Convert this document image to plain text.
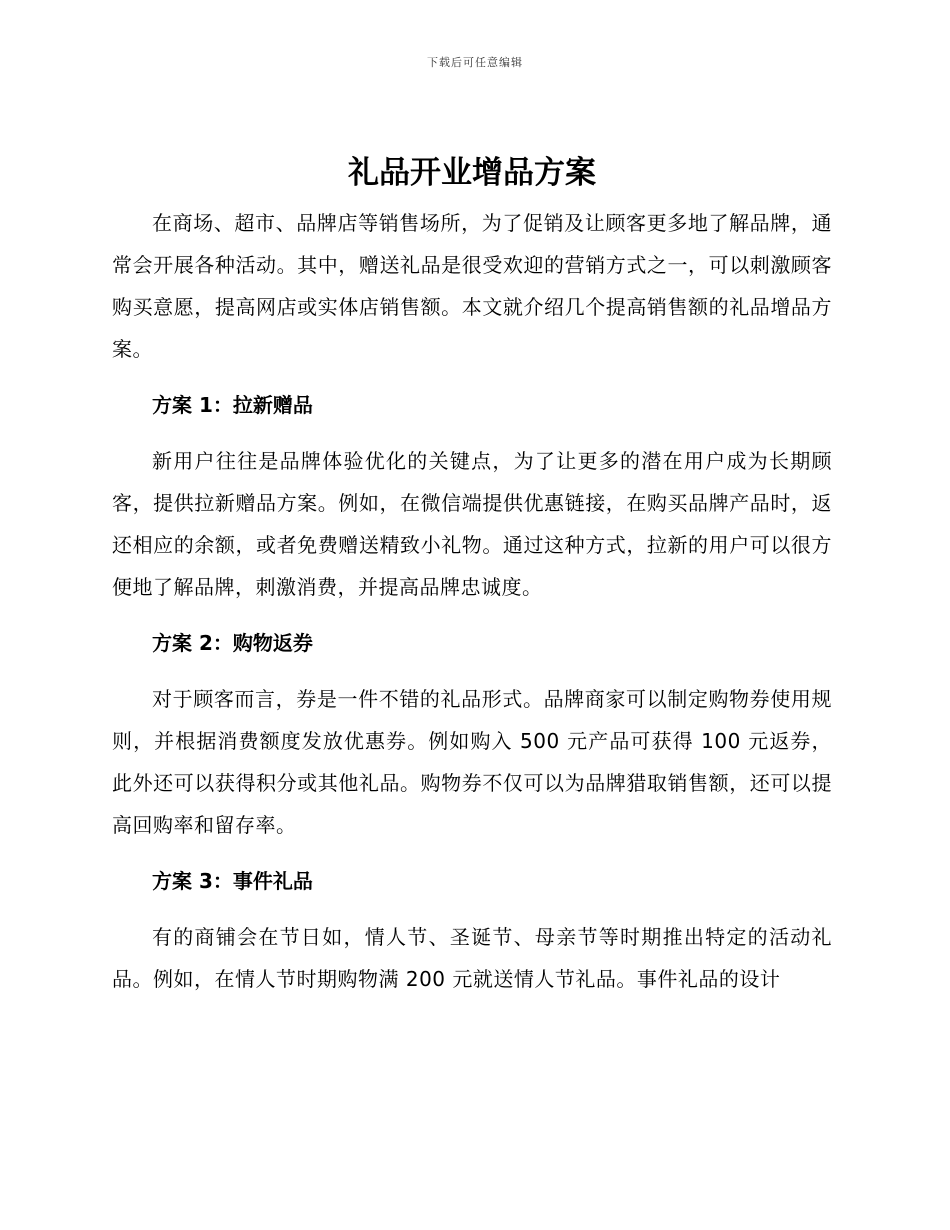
下载后可任意编辑
礼品开业增品方案

在商场、超市、品牌店等销售场所，为了促销及让顾客更多地了解品牌，通常会开展各种活动。其中，赠送礼品是很受欢迎的营销方式之一，可以刺激顾客购买意愿，提高网店或实体店销售额。本文就介绍几个提高销售额的礼品增品方案。

方案 1：拉新赠品

新用户往往是品牌体验优化的关键点，为了让更多的潜在用户成为长期顾客，提供拉新赠品方案。例如，在微信端提供优惠链接，在购买品牌产品时，返还相应的余额，或者免费赠送精致小礼物。通过这种方式，拉新的用户可以很方便地了解品牌，刺激消费，并提高品牌忠诚度。

方案 2：购物返券

对于顾客而言，券是一件不错的礼品形式。品牌商家可以制定购物券使用规则，并根据消费额度发放优惠券。例如购入 500 元产品可获得 100 元返券，此外还可以获得积分或其他礼品。购物券不仅可以为品牌猎取销售额，还可以提高回购率和留存率。

方案 3：事件礼品

有的商铺会在节日如，情人节、圣诞节、母亲节等时期推出特定的活动礼品。例如，在情人节时期购物满 200 元就送情人节礼品。事件礼品的设计
